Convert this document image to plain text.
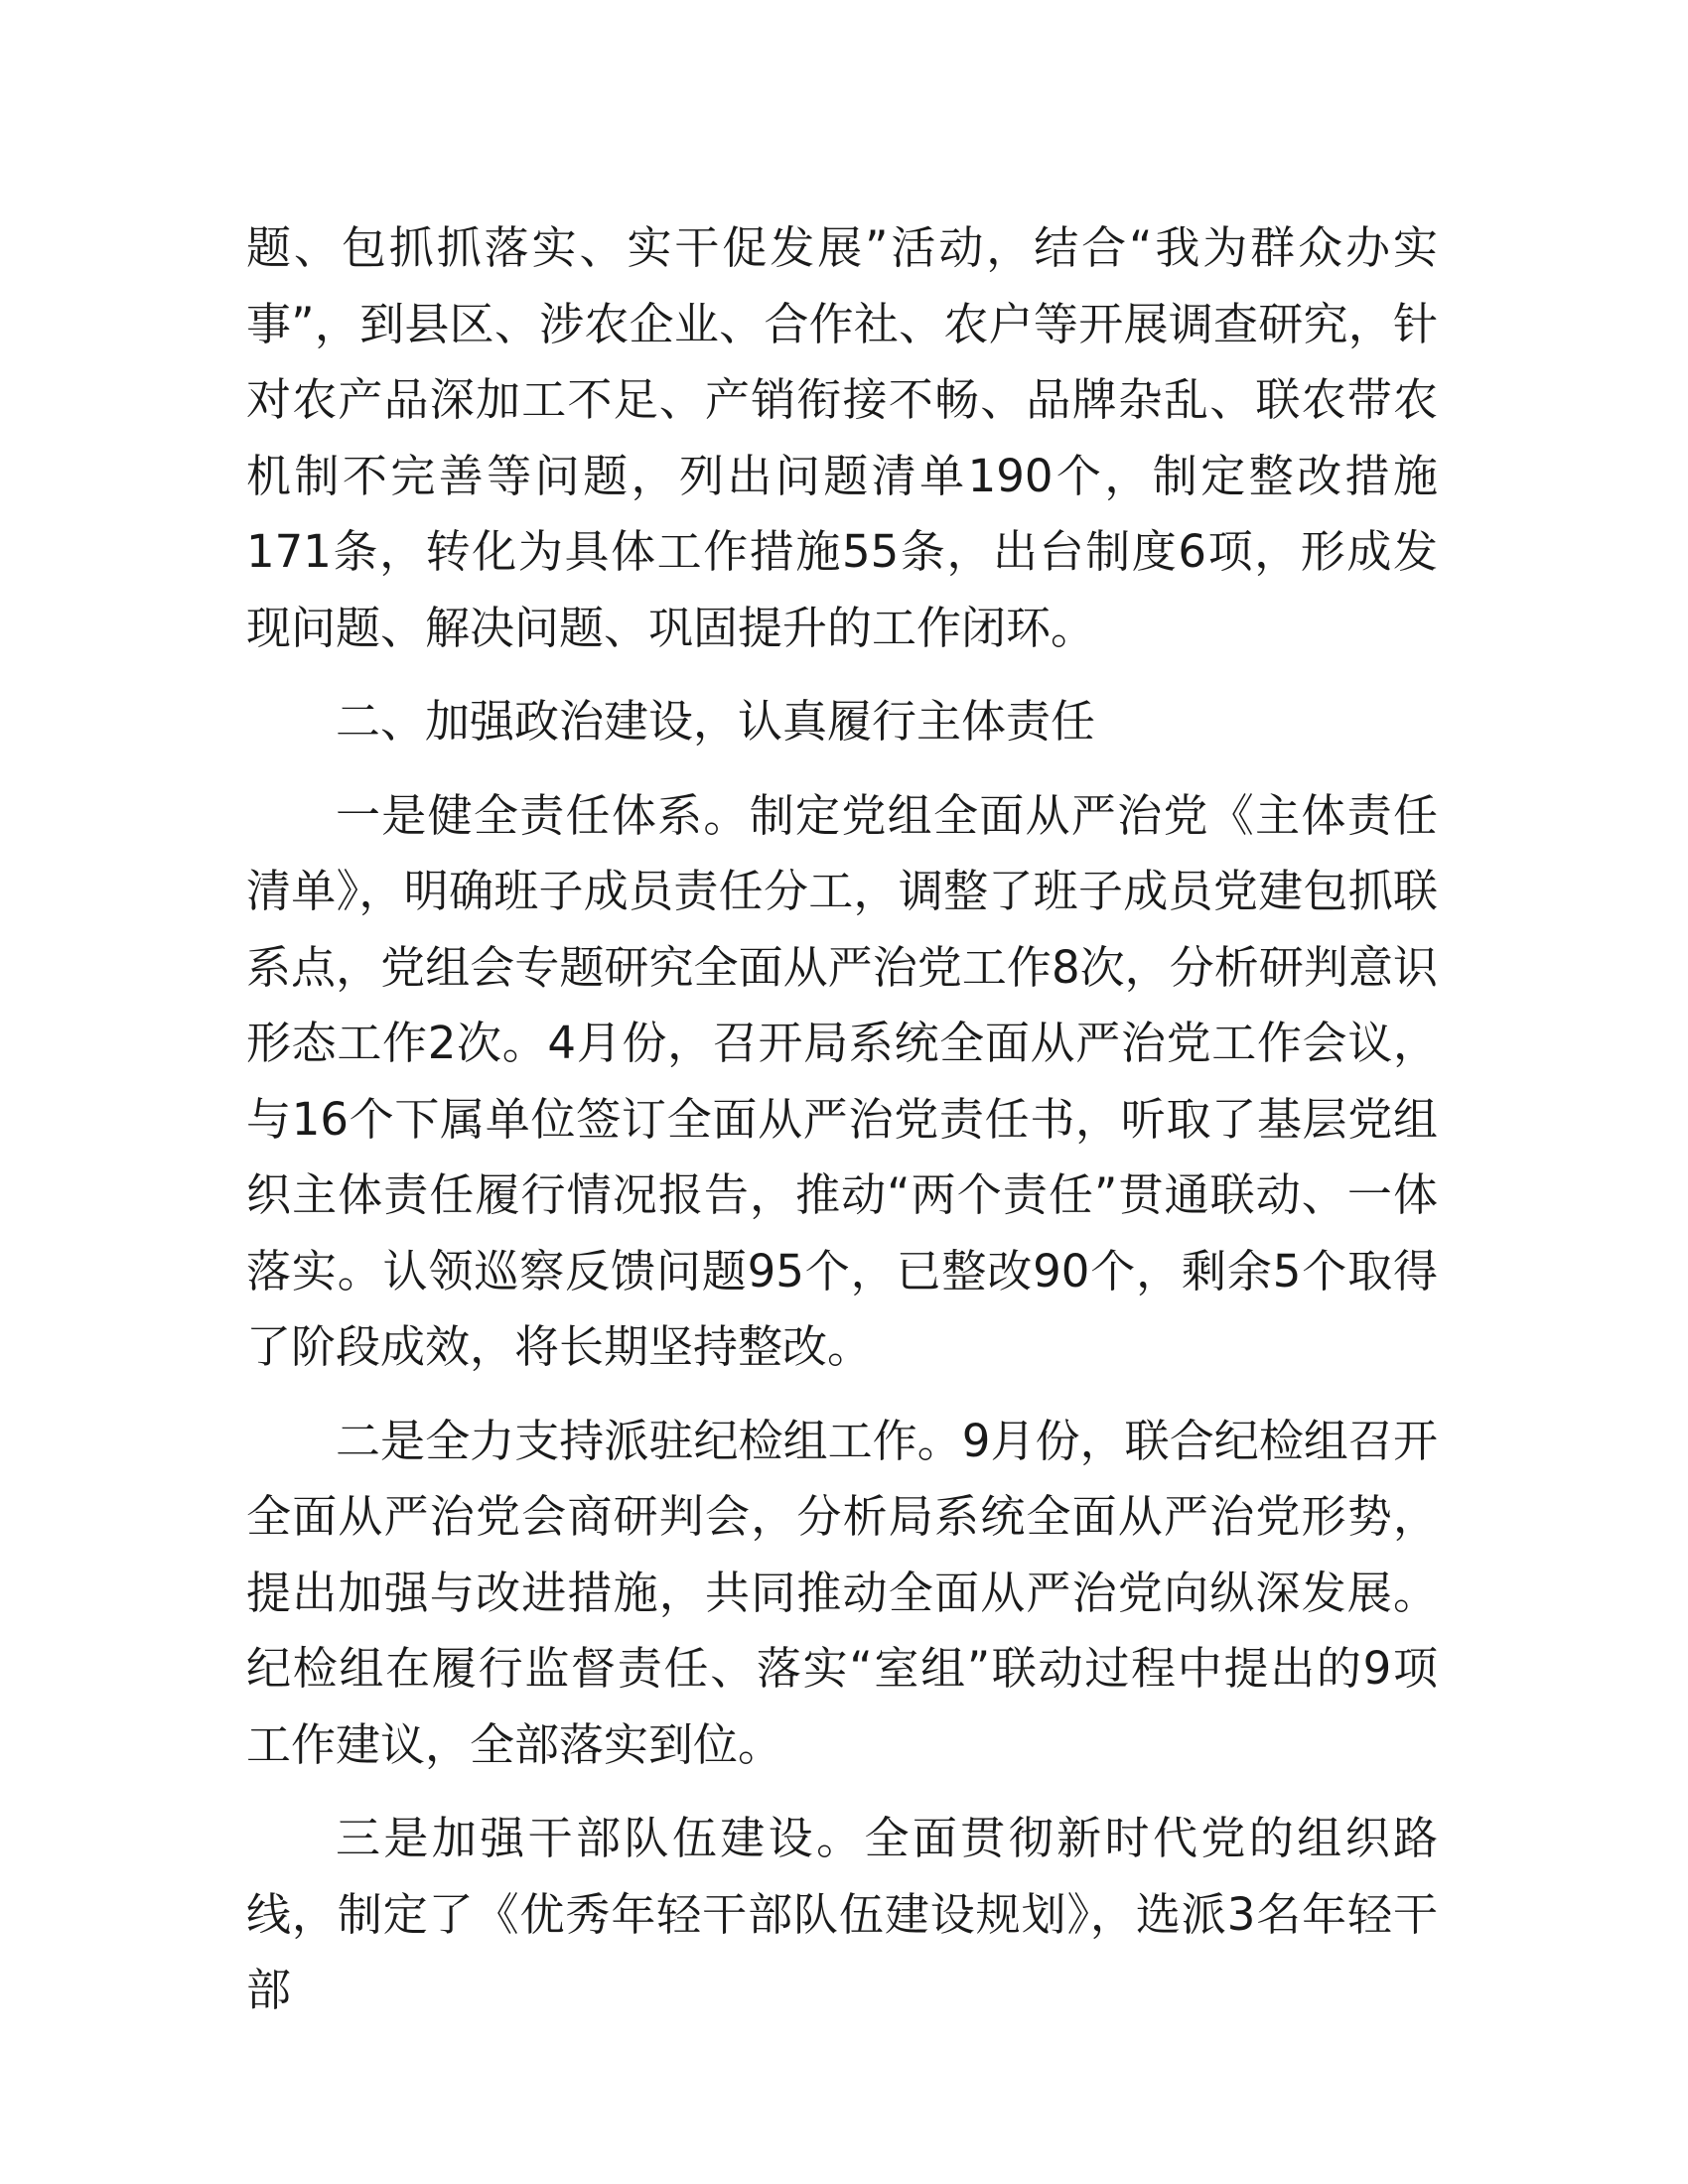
题、包抓抓落实、实干促发展”活动，结合“我为群众办实事”，到县区、涉农企业、合作社、农户等开展调查研究，针对农产品深加工不足、产销衔接不畅、品牌杂乱、联农带农机制不完善等问题，列出问题清单190个，制定整改措施171条，转化为具体工作措施55条，出台制度6项，形成发现问题、解决问题、巩固提升的工作闭环。

二、加强政治建设，认真履行主体责任

一是健全责任体系。制定党组全面从严治党《主体责任清单》，明确班子成员责任分工，调整了班子成员党建包抓联系点，党组会专题研究全面从严治党工作8次，分析研判意识形态工作2次。4月份，召开局系统全面从严治党工作会议，与16个下属单位签订全面从严治党责任书，听取了基层党组织主体责任履行情况报告，推动“两个责任”贯通联动、一体落实。认领巡察反馈问题95个，已整改90个，剩余5个取得了阶段成效，将长期坚持整改。

二是全力支持派驻纪检组工作。9月份，联合纪检组召开全面从严治党会商研判会，分析局系统全面从严治党形势，提出加强与改进措施，共同推动全面从严治党向纵深发展。纪检组在履行监督责任、落实“室组”联动过程中提出的9项工作建议，全部落实到位。

三是加强干部队伍建设。全面贯彻新时代党的组织路线，制定了《优秀年轻干部队伍建设规划》，选派3名年轻干部
